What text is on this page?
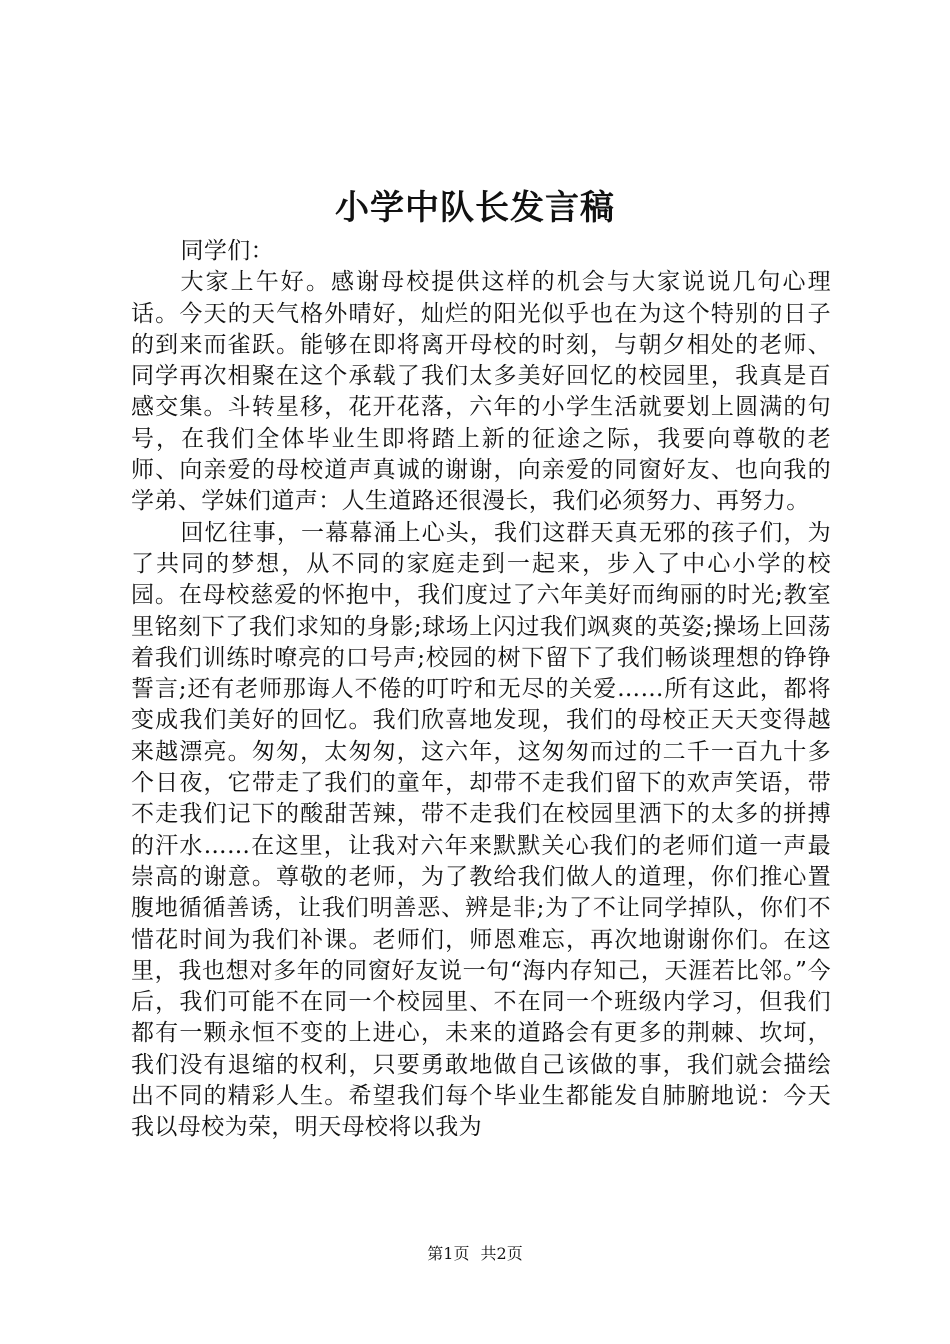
小学中队长发言稿

同学们：

大家上午好。感谢母校提供这样的机会与大家说说几句心理话。今天的天气格外晴好，灿烂的阳光似乎也在为这个特别的日子的到来而雀跃。能够在即将离开母校的时刻，与朝夕相处的老师、同学再次相聚在这个承载了我们太多美好回忆的校园里，我真是百感交集。斗转星移，花开花落，六年的小学生活就要划上圆满的句号，在我们全体毕业生即将踏上新的征途之际，我要向尊敬的老师、向亲爱的母校道声真诚的谢谢，向亲爱的同窗好友、也向我的学弟、学妹们道声：人生道路还很漫长，我们必须努力、再努力。

回忆往事，一幕幕涌上心头，我们这群天真无邪的孩子们，为了共同的梦想，从不同的家庭走到一起来，步入了中心小学的校园。在母校慈爱的怀抱中，我们度过了六年美好而绚丽的时光;教室里铭刻下了我们求知的身影;球场上闪过我们飒爽的英姿;操场上回荡着我们训练时嘹亮的口号声;校园的树下留下了我们畅谈理想的铮铮誓言;还有老师那诲人不倦的叮咛和无尽的关爱……所有这此，都将变成我们美好的回忆。我们欣喜地发现，我们的母校正天天变得越来越漂亮。匆匆，太匆匆，这六年，这匆匆而过的二千一百九十多个日夜，它带走了我们的童年，却带不走我们留下的欢声笑语，带不走我们记下的酸甜苦辣，带不走我们在校园里洒下的太多的拼搏的汗水……在这里，让我对六年来默默关心我们的老师们道一声最崇高的谢意。尊敬的老师，为了教给我们做人的道理，你们推心置腹地循循善诱，让我们明善恶、辨是非;为了不让同学掉队，你们不惜花时间为我们补课。老师们，师恩难忘，再次地谢谢你们。在这里，我也想对多年的同窗好友说一句“海内存知己，天涯若比邻。”今后，我们可能不在同一个校园里、不在同一个班级内学习，但我们都有一颗永恒不变的上进心，未来的道路会有更多的荆棘、坎坷，我们没有退缩的权利，只要勇敢地做自己该做的事，我们就会描绘出不同的精彩人生。希望我们每个毕业生都能发自肺腑地说：今天我以母校为荣，明天母校将以我为

第1页 共2页
